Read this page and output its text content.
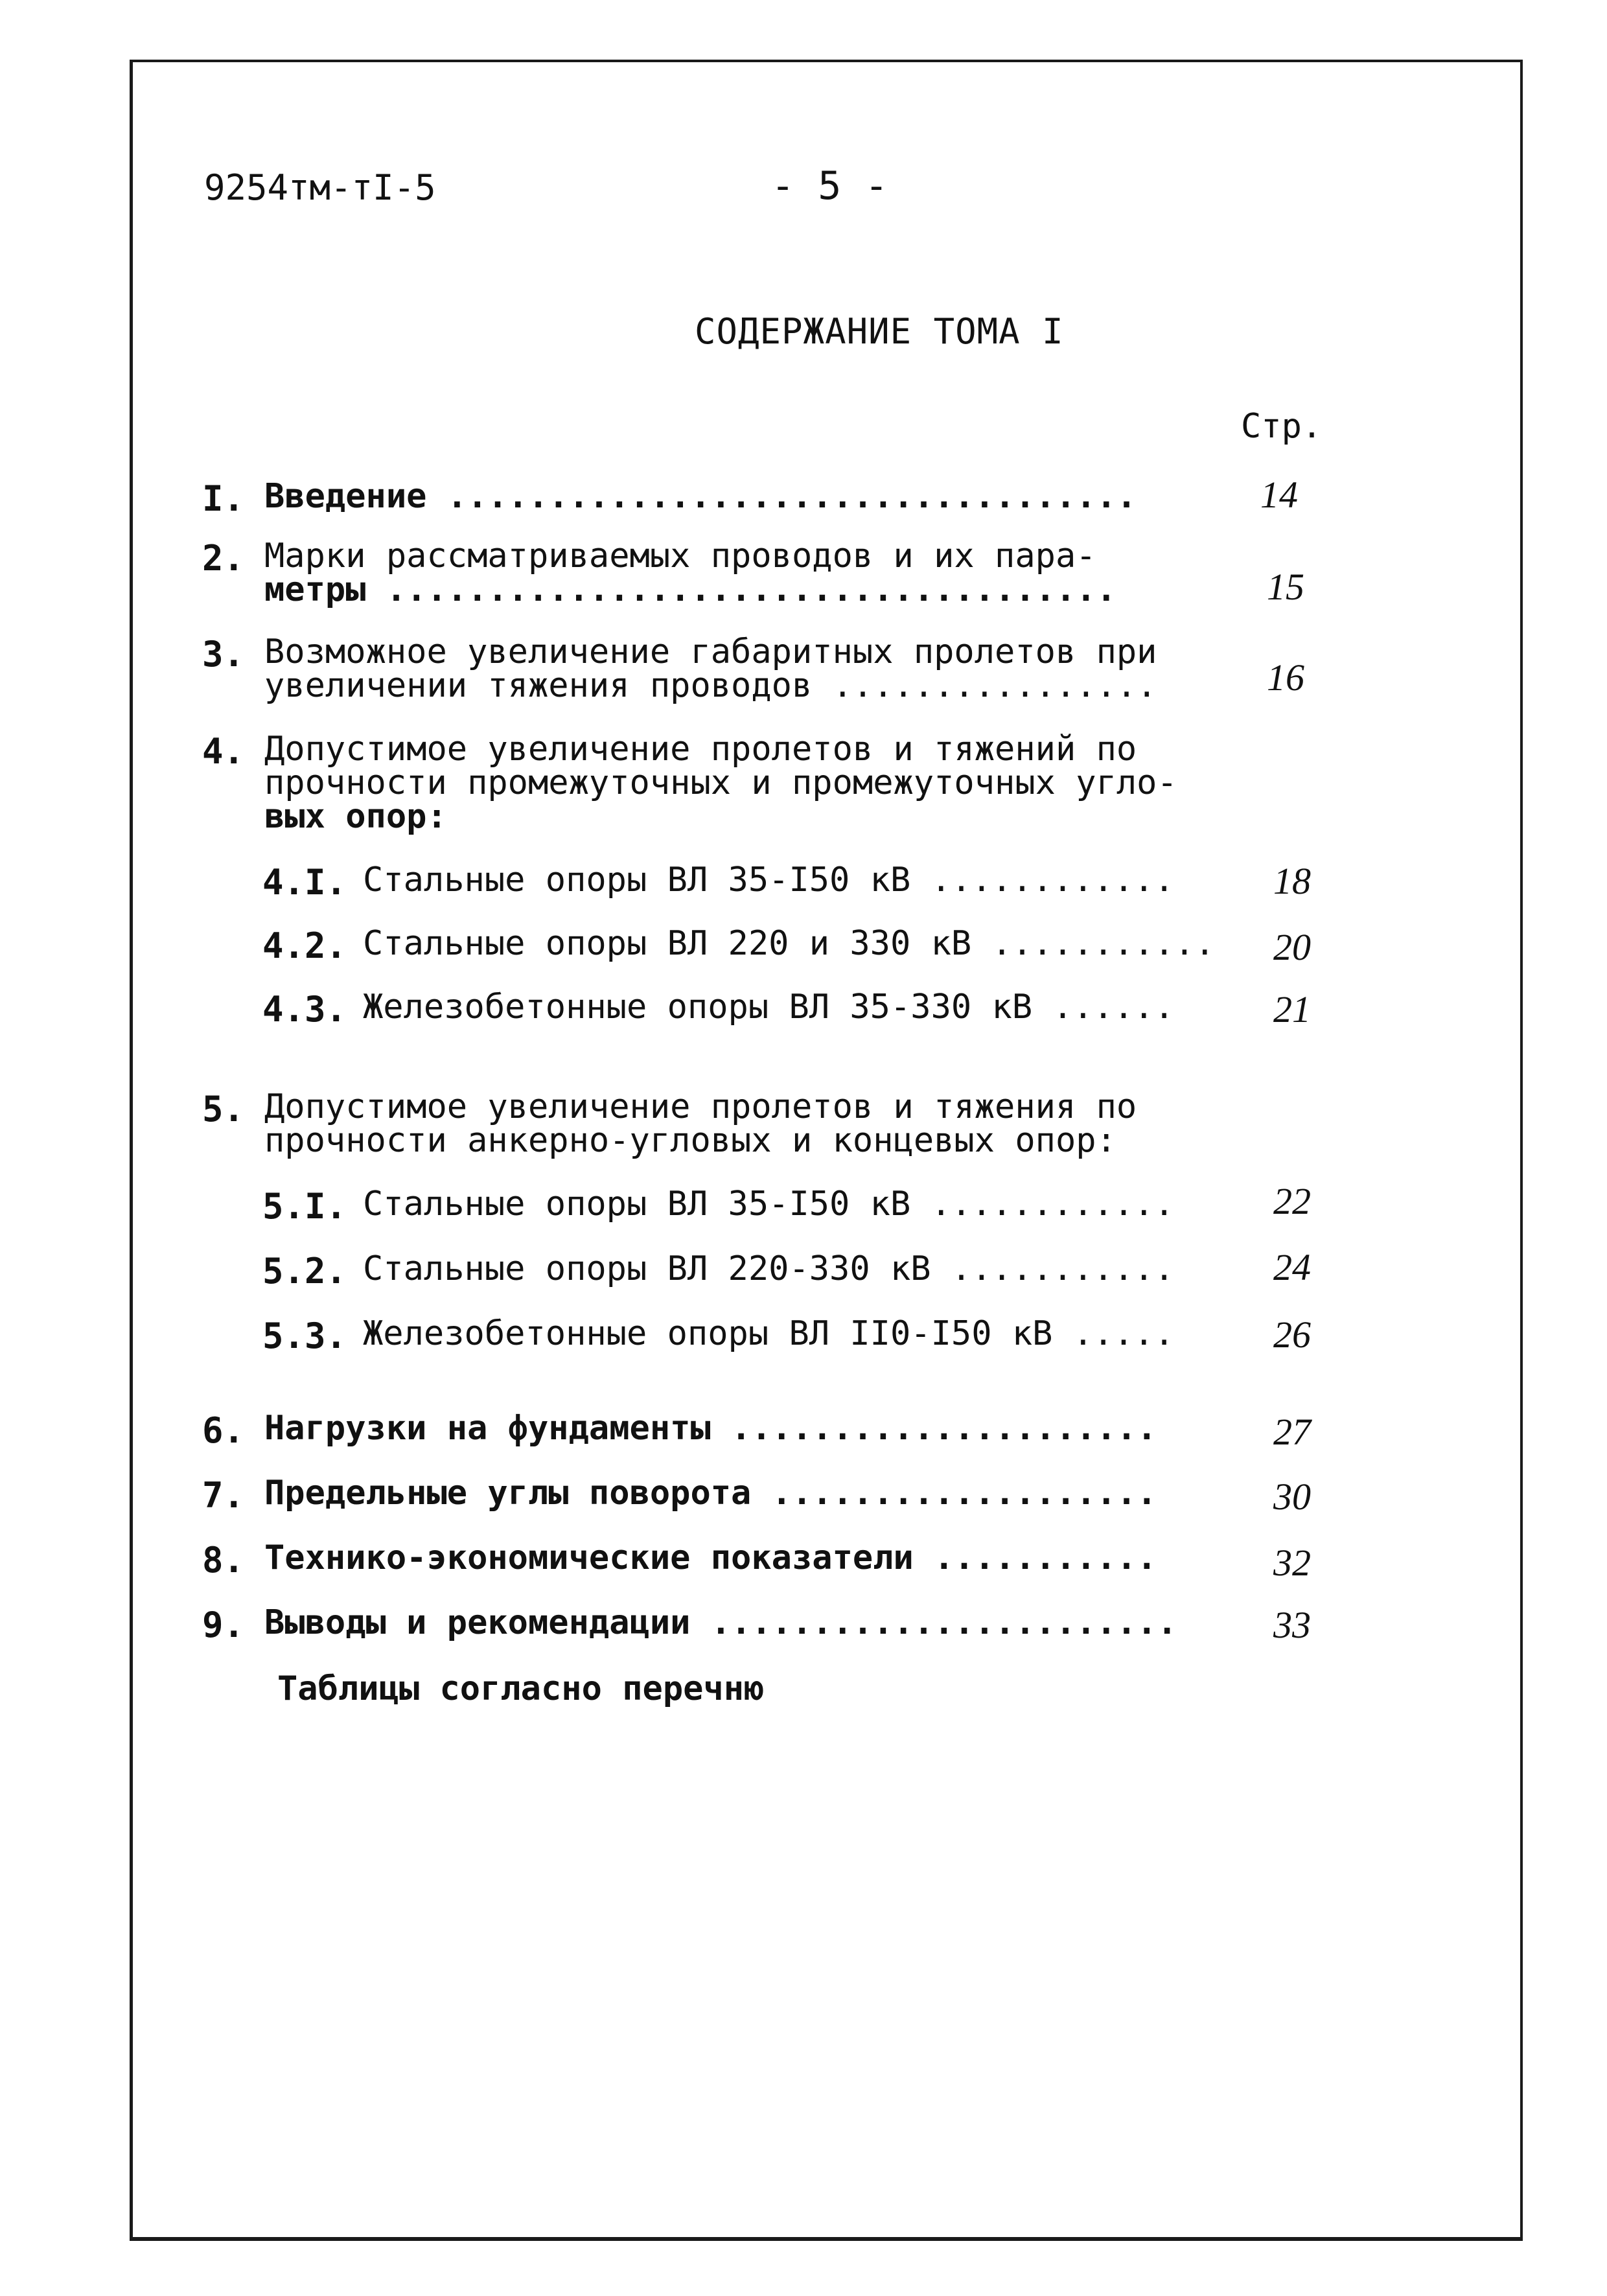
9254тм-тI-5	- 5 -
СОДЕРЖАНИЕ ТОМА I
Стр.
I. Введение ..................................	14
2. Марки рассматриваемых проводов и их пара-
метры ....................................	15
3. Возможное увеличение габаритных пролетов при
увеличении тяжения проводов ................	16
4. Допустимое увеличение пролетов и тяжений по
прочности промежуточных и промежуточных угло-
вых опор:
4.I. Стальные опоры ВЛ 35-I50 кВ ............	18
4.2. Стальные опоры ВЛ 220 и 330 кВ ........... 20
4.3. Железобетонные опоры ВЛ 35-330 кВ ......	21
5. Допустимое увеличение пролетов и тяжения по
прочности анкерно-угловых и концевых опор:
5.I. Стальные опоры ВЛ 35-I50 кВ ............	22
5.2. Стальные опоры ВЛ 220-330 кВ ...........	24
5.3. Железобетонные опоры ВЛ II0-I50 кВ .....	26
6. Нагрузки на фундаменты .....................	27
7. Предельные углы поворота ...................	30
8. Технико-экономические показатели ...........	32
9. Выводы и рекомендации .......................	33
Таблицы согласно перечню
